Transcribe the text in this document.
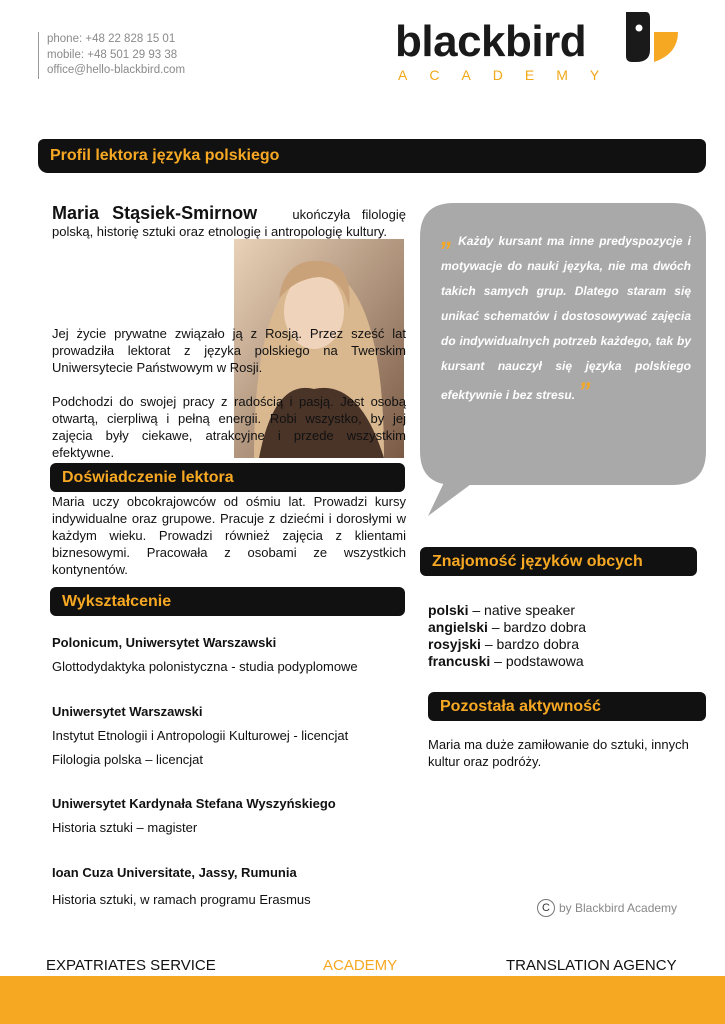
phone: +48 22 828 15 01
mobile: +48 501 29 93 38
office@hello-blackbird.com
blackbird
ACADEMY
Profil lektora języka polskiego
Maria Stąsiek-Smirnow	ukończyła filologię polską, historię sztuki oraz etnologię i antropologię kultury.
Jej życie prywatne związało ją z Rosją. Przez sześć lat prowadziła lektorat z języka polskiego na Twerskim Uniwersytecie Państwowym w Rosji.
Podchodzi do swojej pracy z radością i pasją. Jest osobą otwartą, cierpliwą i pełną energii. Robi wszystko, by jej zajęcia były ciekawe, atrakcyjne i przede wszystkim efektywne.
„ Każdy kursant ma inne predyspozycje i motywacje do nauki języka, nie ma dwóch takich samych grup. Dlatego staram się unikać schematów i dostosowywać zajęcia do indywidualnych potrzeb każdego, tak by kursant nauczył się języka polskiego efektywnie i bez stresu. ”
Doświadczenie lektora
Maria uczy obcokrajowców od ośmiu lat. Prowadzi kursy indywidualne oraz grupowe. Pracuje z dziećmi i dorosłymi w każdym wieku. Prowadzi również zajęcia z klientami biznesowymi. Pracowała z osobami ze wszystkich kontynentów.
Wykształcenie
Polonicum, Uniwersytet Warszawski
Glottodydaktyka polonistyczna - studia podyplomowe
Uniwersytet Warszawski
Instytut Etnologii i Antropologii Kulturowej - licencjat
Filologia polska – licencjat
Uniwersytet Kardynała Stefana Wyszyńskiego
Historia sztuki – magister
Ioan Cuza Universitate, Jassy, Rumunia
Historia sztuki, w ramach programu Erasmus
Znajomość języków obcych
polski – native speaker
angielski – bardzo dobra
rosyjski – bardzo dobra
francuski – podstawowa
Pozostała aktywność
Maria ma duże zamiłowanie do sztuki, innych kultur oraz podróży.
C by Blackbird Academy
EXPATRIATES SERVICE	ACADEMY	TRANSLATION AGENCY
